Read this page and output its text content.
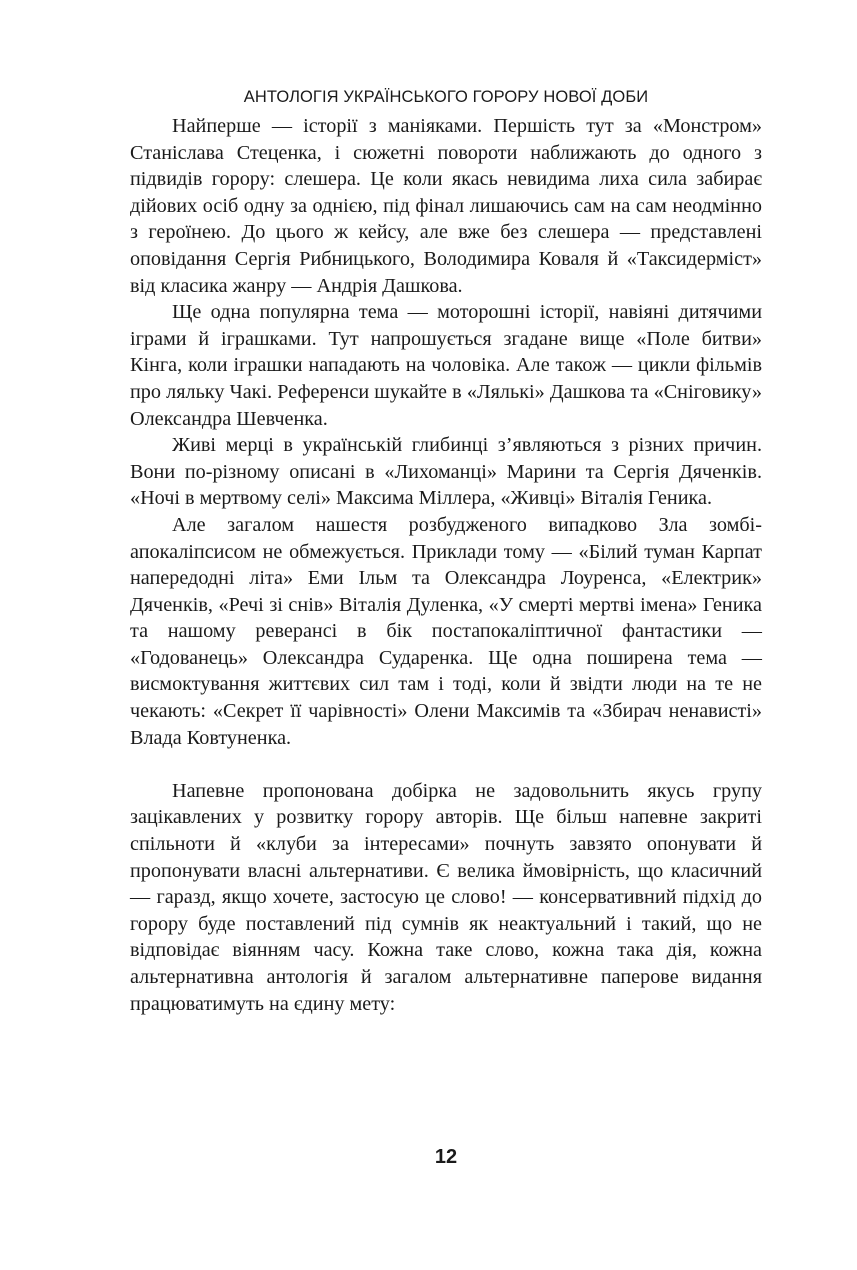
АНТОЛОГІЯ УКРАЇНСЬКОГО ГОРОРУ НОВОЇ ДОБИ

Найперше — історії з маніяками. Першість тут за «Монстром» Станіслава Стеценка, і сюжетні повороти наближають до одного з підвидів горору: слешера. Це коли якась невидима лиха сила забирає дійових осіб одну за однією, під фінал лишаючись сам на сам неодмінно з героїнею. До цього ж кейсу, але вже без слешера — представлені оповідання Сергія Рибницького, Володимира Коваля й «Таксидерміст» від класика жанру — Андрія Дашкова.

Ще одна популярна тема — моторошні історії, навіяні дитячими іграми й іграшками. Тут напрошується згадане вище «Поле битви» Кінга, коли іграшки нападають на чоловіка. Але також — цикли фільмів про ляльку Чакі. Референси шукайте в «Лялькі» Дашкова та «Сніговику» Олександра Шевченка.

Живі мерці в українській глибинці з’являються з різних причин. Вони по-різному описані в «Лихоманці» Марини та Сергія Дяченків. «Ночі в мертвому селі» Максима Міллера, «Живці» Віталія Геника.

Але загалом нашестя розбудженого випадково Зла зомбі-апокаліпсисом не обмежується. Приклади тому — «Білий туман Карпат напередодні літа» Еми Ільм та Олександра Лоуренса, «Електрик» Дяченків, «Речі зі снів» Віталія Дуленка, «У смерті мертві імена» Геника та нашому реверансі в бік постапокаліптичної фантастики — «Годованець» Олександра Сударенка. Ще одна поширена тема — висмоктування життєвих сил там і тоді, коли й звідти люди на те не чекають: «Секрет її чарівності» Олени Максимів та «Збирач ненависті» Влада Ковтуненка.

Напевне пропонована добірка не задовольнить якусь групу зацікавлених у розвитку горору авторів. Ще більш напевне закриті спільноти й «клуби за інтересами» почнуть завзято опонувати й пропонувати власні альтернативи. Є велика ймовірність, що класичний — гаразд, якщо хочете, застосую це слово! — консервативний підхід до горору буде поставлений під сумнів як неактуальний і такий, що не відповідає віянням часу. Кожна таке слово, кожна така дія, кожна альтернативна антологія й загалом альтернативне паперове видання працюватимуть на єдину мету:

12
